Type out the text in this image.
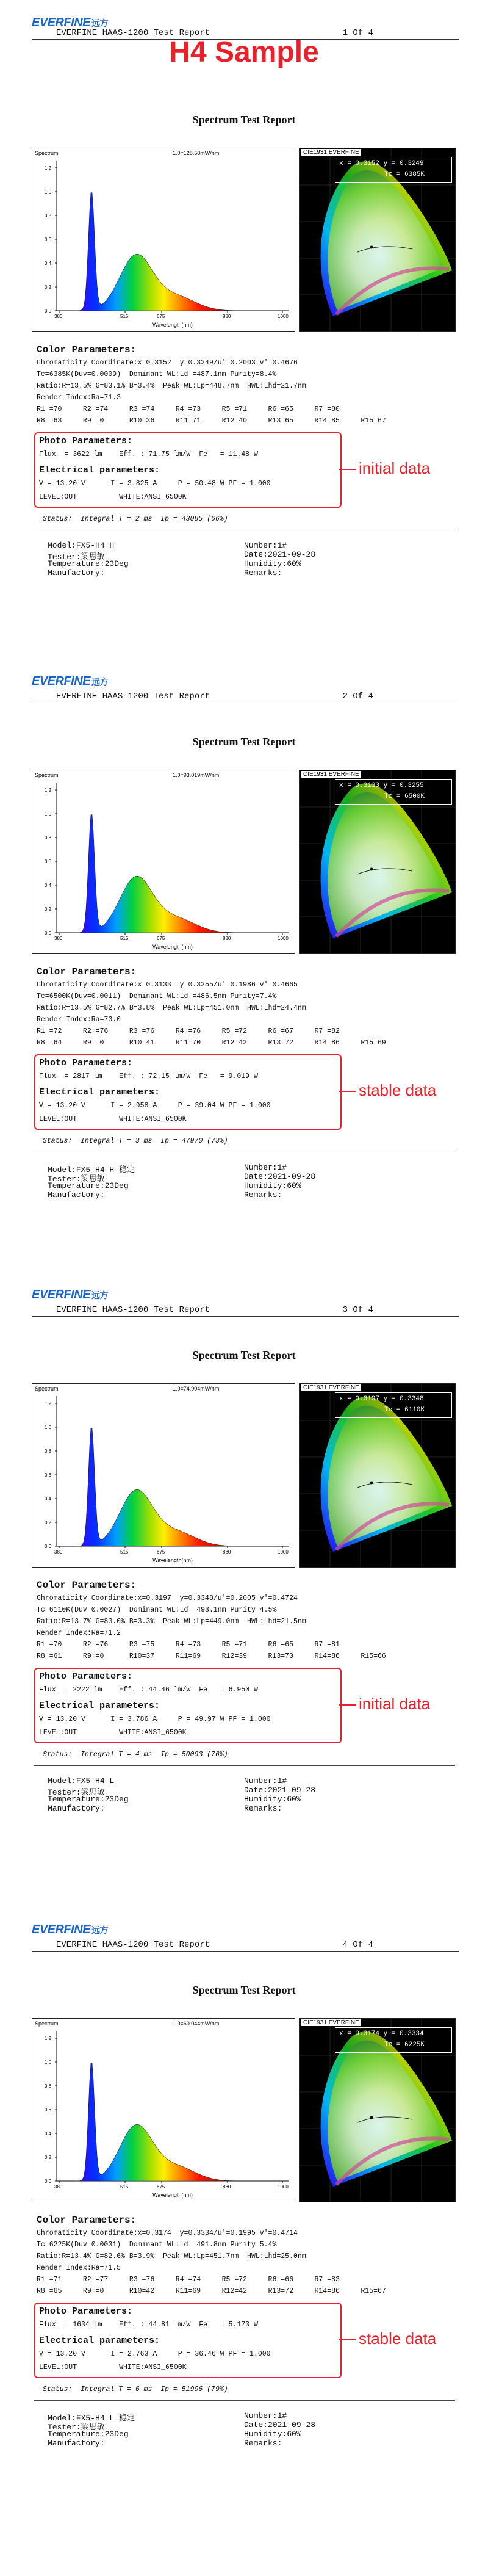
EVERFINE 远方
EVERFINE HAAS-1200 Test Report	1 Of 4
H4 Sample
Spectrum Test Report
Spectrum	1.0=128.58mW/nm
1.2
1.0
0.8
0.6
0.4
0.2
0.0
380	515	675	880	1000
Wavelength(nm)
CIE1931 EVERFINE
x = 0.3152 y = 0.3249
Tc = 6385K
Color Parameters:
Chromaticity Coordinate:x=0.3152  y=0.3249/u'=0.2003 v'=0.4676
Tc=6385K(Duv=0.0009)  Dominant WL:Ld =487.1nm Purity=8.4%
Ratio:R=13.5% G=83.1% B=3.4%  Peak WL:Lp=448.7nm  HWL:Lhd=21.7nm
Render Index:Ra=71.3
R1 =70     R2 =74     R3 =74     R4 =73     R5 =71     R6 =65     R7 =80
R8 =63     R9 =0      R10=36     R11=71     R12=40     R13=65     R14=85     R15=67
Photo Parameters:
Flux  = 3622 lm    Eff. : 71.75 lm/W  Fe   = 11.48 W
Electrical parameters:
V = 13.20 V      I = 3.825 A     P = 50.48 W PF = 1.000
LEVEL:OUT          WHITE:ANSI_6500K
initial data
Status:  Integral T = 2 ms  Ip = 43085 (66%)
Model:FX5-H4 H
Tester:梁思敏
Temperature:23Deg
Manufactory:
Number:1#
Date:2021-09-28
Humidity:60%
Remarks:
EVERFINE 远方
EVERFINE HAAS-1200 Test Report	2 Of 4
Spectrum Test Report
Spectrum	1.0=93.019mW/nm
1.2
1.0
0.8
0.6
0.4
0.2
0.0
380	515	675	880	1000
Wavelength(nm)
CIE1931 EVERFINE
x = 0.3133 y = 0.3255
Tc = 6500K
Color Parameters:
Chromaticity Coordinate:x=0.3133  y=0.3255/u'=0.1986 v'=0.4665
Tc=6500K(Duv=0.0011)  Dominant WL:Ld =486.5nm Purity=7.4%
Ratio:R=13.5% G=82.7% B=3.8%  Peak WL:Lp=451.0nm  HWL:Lhd=24.4nm
Render Index:Ra=73.0
R1 =72     R2 =76     R3 =76     R4 =76     R5 =72     R6 =67     R7 =82
R8 =64     R9 =0      R10=41     R11=70     R12=42     R13=72     R14=86     R15=69
Photo Parameters:
Flux  = 2817 lm    Eff. : 72.15 lm/W  Fe   = 9.019 W
Electrical parameters:
V = 13.20 V      I = 2.958 A     P = 39.04 W PF = 1.000
LEVEL:OUT          WHITE:ANSI_6500K
stable data
Status:  Integral T = 3 ms  Ip = 47970 (73%)
Model:FX5-H4 H 稳定
Tester:梁思敏
Temperature:23Deg
Manufactory:
Number:1#
Date:2021-09-28
Humidity:60%
Remarks:
EVERFINE 远方
EVERFINE HAAS-1200 Test Report	3 Of 4
Spectrum Test Report
Spectrum	1.0=74.904mW/nm
1.2
1.0
0.8
0.6
0.4
0.2
0.0
380	515	675	880	1000
Wavelength(nm)
CIE1931 EVERFINE
x = 0.3197 y = 0.3348
Tc = 6110K
Color Parameters:
Chromaticity Coordinate:x=0.3197  y=0.3348/u'=0.2005 v'=0.4724
Tc=6110K(Duv=0.0027)  Dominant WL:Ld =493.1nm Purity=4.5%
Ratio:R=13.7% G=83.0% B=3.3%  Peak WL:Lp=449.0nm  HWL:Lhd=21.5nm
Render Index:Ra=71.2
R1 =70     R2 =76     R3 =75     R4 =73     R5 =71     R6 =65     R7 =81
R8 =61     R9 =0      R10=37     R11=69     R12=39     R13=70     R14=86     R15=66
Photo Parameters:
Flux  = 2222 lm    Eff. : 44.46 lm/W  Fe   = 6.950 W
Electrical parameters:
V = 13.20 V      I = 3.786 A     P = 49.97 W PF = 1.000
LEVEL:OUT          WHITE:ANSI_6500K
initial data
Status:  Integral T = 4 ms  Ip = 50093 (76%)
Model:FX5-H4 L
Tester:梁思敏
Temperature:23Deg
Manufactory:
Number:1#
Date:2021-09-28
Humidity:60%
Remarks:
EVERFINE 远方
EVERFINE HAAS-1200 Test Report	4 Of 4
Spectrum Test Report
Spectrum	1.0=60.044mW/nm
1.2
1.0
0.8
0.6
0.4
0.2
0.0
380	515	675	880	1000
Wavelength(nm)
CIE1931 EVERFINE
x = 0.3174 y = 0.3334
Tc = 6225K
Color Parameters:
Chromaticity Coordinate:x=0.3174  y=0.3334/u'=0.1995 v'=0.4714
Tc=6225K(Duv=0.0031)  Dominant WL:Ld =491.8nm Purity=5.4%
Ratio:R=13.4% G=82.6% B=3.9%  Peak WL:Lp=451.7nm  HWL:Lhd=25.0nm
Render Index:Ra=71.5
R1 =71     R2 =77     R3 =76     R4 =74     R5 =72     R6 =66     R7 =83
R8 =65     R9 =0      R10=42     R11=69     R12=42     R13=72     R14=86     R15=67
Photo Parameters:
Flux  = 1634 lm    Eff. : 44.81 lm/W  Fe   = 5.173 W
Electrical parameters:
V = 13.20 V      I = 2.763 A     P = 36.46 W PF = 1.000
LEVEL:OUT          WHITE:ANSI_6500K
stable data
Status:  Integral T = 6 ms  Ip = 51996 (79%)
Model:FX5-H4 L 稳定
Tester:梁思敏
Temperature:23Deg
Manufactory:
Number:1#
Date:2021-09-28
Humidity:60%
Remarks:
